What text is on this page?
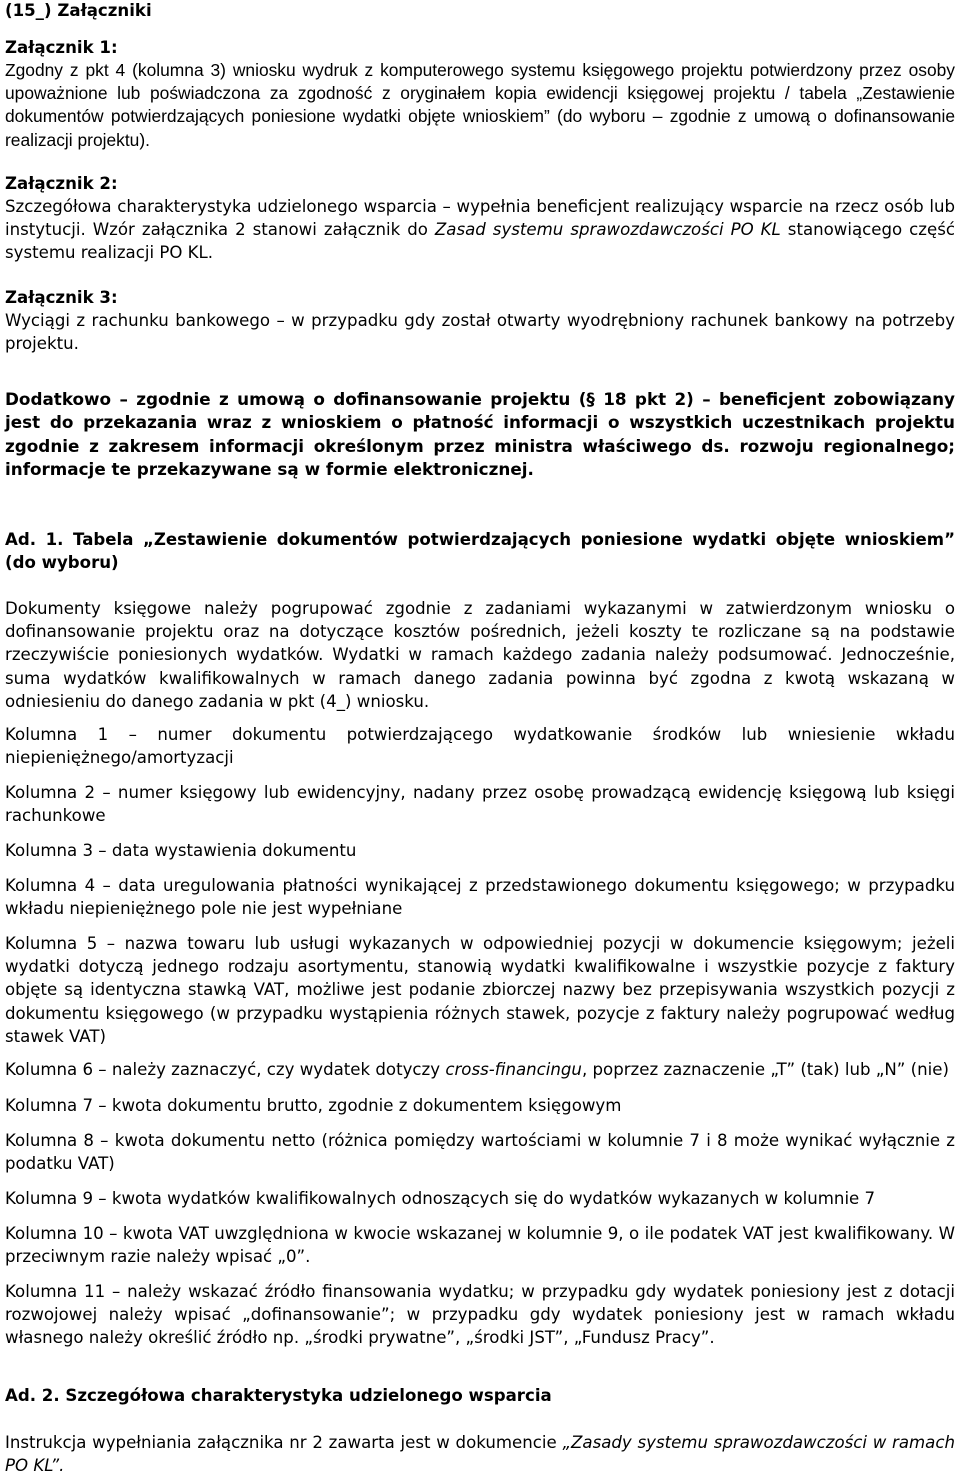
(15_) Załączniki

Załącznik 1:

Zgodny z pkt 4 (kolumna 3) wniosku wydruk z komputerowego systemu księgowego projektu potwierdzony przez osoby upoważnione lub poświadczona za zgodność z oryginałem kopia ewidencji księgowej projektu / tabela „Zestawienie dokumentów potwierdzających poniesione wydatki objęte wnioskiem” (do wyboru – zgodnie z umową o dofinansowanie realizacji projektu).

Załącznik 2:

Szczegółowa charakterystyka udzielonego wsparcia – wypełnia beneficjent realizujący wsparcie na rzecz osób lub instytucji. Wzór załącznika 2 stanowi załącznik do Zasad systemu sprawozdawczości PO KL stanowiącego część systemu realizacji PO KL.

Załącznik 3:

Wyciągi z rachunku bankowego – w przypadku gdy został otwarty wyodrębniony rachunek bankowy na potrzeby projektu.

Dodatkowo – zgodnie z umową o dofinansowanie projektu (§ 18 pkt 2) – beneficjent zobowiązany jest do przekazania wraz z wnioskiem o płatność informacji o wszystkich uczestnikach projektu zgodnie z zakresem informacji określonym przez ministra właściwego ds. rozwoju regionalnego; informacje te przekazywane są w formie elektronicznej.

Ad. 1. Tabela „Zestawienie dokumentów potwierdzających poniesione wydatki objęte wnioskiem” (do wyboru)

Dokumenty księgowe należy pogrupować zgodnie z zadaniami wykazanymi w zatwierdzonym wniosku o dofinansowanie projektu oraz na dotyczące kosztów pośrednich, jeżeli koszty te rozliczane są na podstawie rzeczywiście poniesionych wydatków. Wydatki w ramach każdego zadania należy podsumować. Jednocześnie, suma wydatków kwalifikowalnych w ramach danego zadania powinna być zgodna z kwotą wskazaną w odniesieniu do danego zadania w pkt (4_) wniosku.

Kolumna 1 – numer dokumentu potwierdzającego wydatkowanie środków lub wniesienie wkładu niepieniężnego/amortyzacji

Kolumna 2 – numer księgowy lub ewidencyjny, nadany przez osobę prowadzącą ewidencję księgową lub księgi rachunkowe

Kolumna 3 – data wystawienia dokumentu

Kolumna 4 – data uregulowania płatności wynikającej z przedstawionego dokumentu księgowego; w przypadku wkładu niepieniężnego pole nie jest wypełniane

Kolumna 5 – nazwa towaru lub usługi wykazanych w odpowiedniej pozycji w dokumencie księgowym; jeżeli wydatki dotyczą jednego rodzaju asortymentu, stanowią wydatki kwalifikowalne i wszystkie pozycje z faktury objęte są identyczna stawką VAT, możliwe jest podanie zbiorczej nazwy bez przepisywania wszystkich pozycji z dokumentu księgowego (w przypadku wystąpienia różnych stawek, pozycje z faktury należy pogrupować według stawek VAT)

Kolumna 6 – należy zaznaczyć, czy wydatek dotyczy cross-financingu, poprzez zaznaczenie „T” (tak) lub „N” (nie)

Kolumna 7 – kwota dokumentu brutto, zgodnie z dokumentem księgowym

Kolumna 8 – kwota dokumentu netto (różnica pomiędzy wartościami w kolumnie 7 i 8 może wynikać wyłącznie z podatku VAT)

Kolumna 9 – kwota wydatków kwalifikowalnych odnoszących się do wydatków wykazanych w kolumnie 7

Kolumna 10 – kwota VAT uwzględniona w kwocie wskazanej w kolumnie 9, o ile podatek VAT jest kwalifikowany. W przeciwnym razie należy wpisać „0”.

Kolumna 11 – należy wskazać źródło finansowania wydatku; w przypadku gdy wydatek poniesiony jest z dotacji rozwojowej należy wpisać „dofinansowanie”; w przypadku gdy wydatek poniesiony jest w ramach wkładu własnego należy określić źródło np. „środki prywatne”, „środki JST”, „Fundusz Pracy”.

Ad. 2. Szczegółowa charakterystyka udzielonego wsparcia

Instrukcja wypełniania załącznika nr 2 zawarta jest w dokumencie „Zasady systemu sprawozdawczości w ramach PO KL”.
